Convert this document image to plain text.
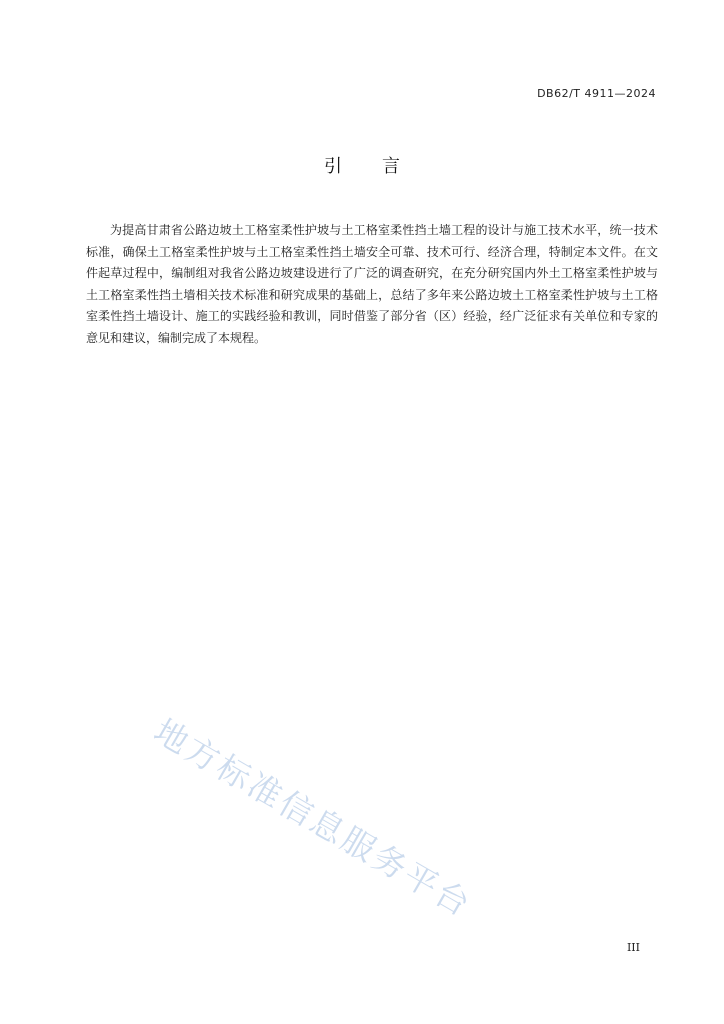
DB62/T 4911—2024
引言

为提高甘肃省公路边坡土工格室柔性护坡与土工格室柔性挡土墙工程的设计与施工技术水平，统一技术标准，确保土工格室柔性护坡与土工格室柔性挡土墙安全可靠、技术可行、经济合理，特制定本文件。在文件起草过程中，编制组对我省公路边坡建设进行了广泛的调查研究，在充分研究国内外土工格室柔性护坡与土工格室柔性挡土墙相关技术标准和研究成果的基础上，总结了多年来公路边坡土工格室柔性护坡与土工格室柔性挡土墙设计、施工的实践经验和教训，同时借鉴了部分省（区）经验，经广泛征求有关单位和专家的意见和建议，编制完成了本规程。

地方标准信息服务平台
III
